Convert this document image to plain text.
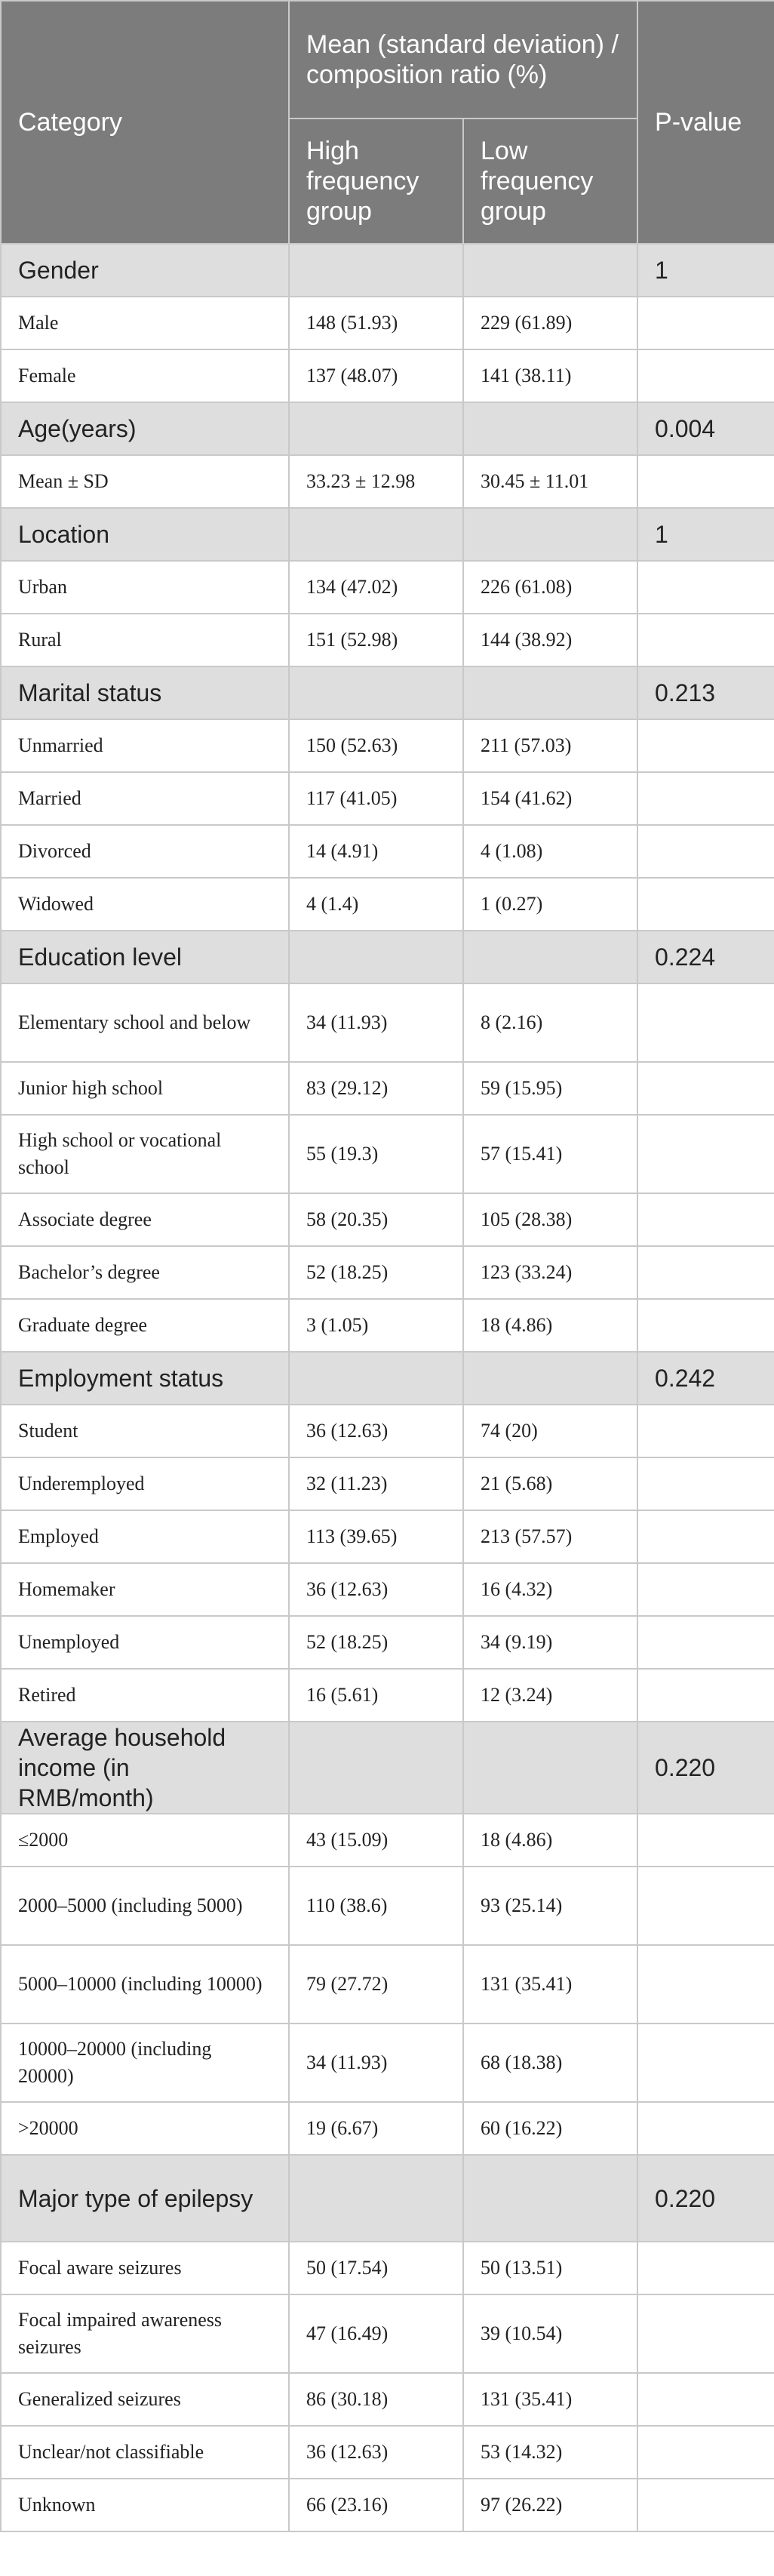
Category	Mean (standard deviation) / composition ratio (%)		P-value
	High frequency group	Low frequency group	
Gender			1
Male	148 (51.93)	229 (61.89)	
Female	137 (48.07)	141 (38.11)	
Age(years)			0.004
Mean ± SD	33.23 ± 12.98	30.45 ± 11.01	
Location			1
Urban	134 (47.02)	226 (61.08)	
Rural	151 (52.98)	144 (38.92)	
Marital status			0.213
Unmarried	150 (52.63)	211 (57.03)	
Married	117 (41.05)	154 (41.62)	
Divorced	14 (4.91)	4 (1.08)	
Widowed	4 (1.4)	1 (0.27)	
Education level			0.224
Elementary school and below	34 (11.93)	8 (2.16)	
Junior high school	83 (29.12)	59 (15.95)	
High school or vocational school	55 (19.3)	57 (15.41)	
Associate degree	58 (20.35)	105 (28.38)	
Bachelor’s degree	52 (18.25)	123 (33.24)	
Graduate degree	3 (1.05)	18 (4.86)	
Employment status			0.242
Student	36 (12.63)	74 (20)	
Underemployed	32 (11.23)	21 (5.68)	
Employed	113 (39.65)	213 (57.57)	
Homemaker	36 (12.63)	16 (4.32)	
Unemployed	52 (18.25)	34 (9.19)	
Retired	16 (5.61)	12 (3.24)	
Average household income (in RMB/month)			0.220
≤2000	43 (15.09)	18 (4.86)	
2000–5000 (including 5000)	110 (38.6)	93 (25.14)	
5000–10000 (including 10000)	79 (27.72)	131 (35.41)	
10000–20000 (including 20000)	34 (11.93)	68 (18.38)	
>20000	19 (6.67)	60 (16.22)	
Major type of epilepsy			0.220
Focal aware seizures	50 (17.54)	50 (13.51)	
Focal impaired awareness seizures	47 (16.49)	39 (10.54)	
Generalized seizures	86 (30.18)	131 (35.41)	
Unclear/not classifiable	36 (12.63)	53 (14.32)	
Unknown	66 (23.16)	97 (26.22)	
